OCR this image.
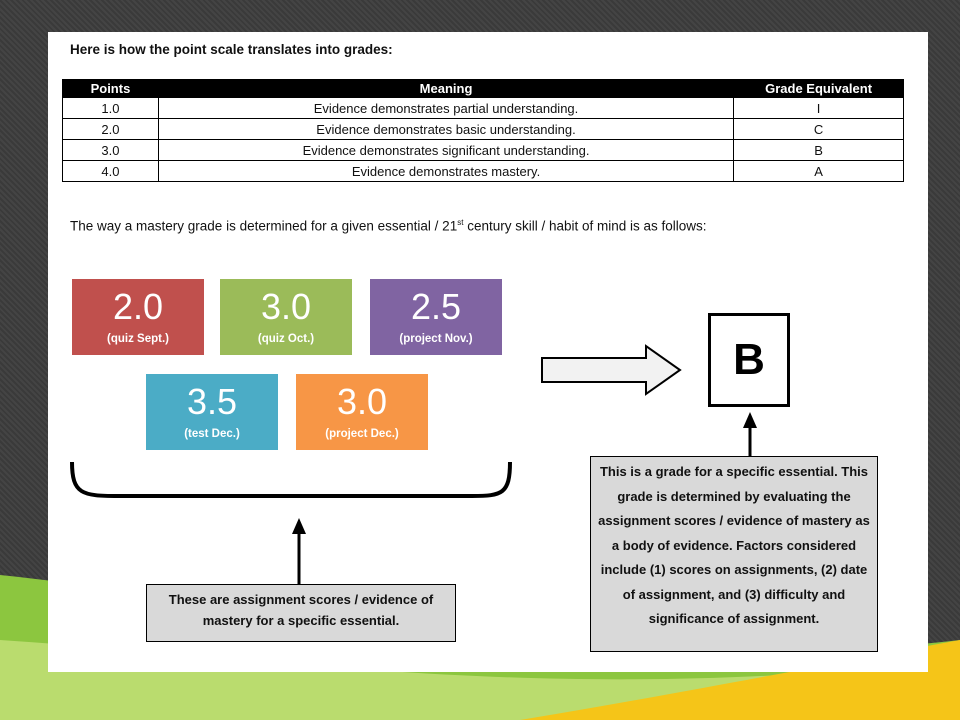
Here is how the point scale translates into grades:
Points	Meaning	Grade Equivalent
1.0	Evidence demonstrates partial understanding.	I
2.0	Evidence demonstrates basic understanding.	C
3.0	Evidence demonstrates significant understanding.	B
4.0	Evidence demonstrates mastery.	A
The way a mastery grade is determined for a given essential / 21st century skill / habit of mind is as follows:
2.0
(quiz Sept.)
3.0
(quiz Oct.)
2.5
(project Nov.)
3.5
(test Dec.)
3.0
(project Dec.)
B
These are assignment scores / evidence of mastery for a specific essential.
This is a grade for a specific essential. This grade is determined by evaluating the assignment scores / evidence of mastery as a body of evidence. Factors considered include (1) scores on assignments, (2) date of assignment, and (3) difficulty and significance of assignment.
